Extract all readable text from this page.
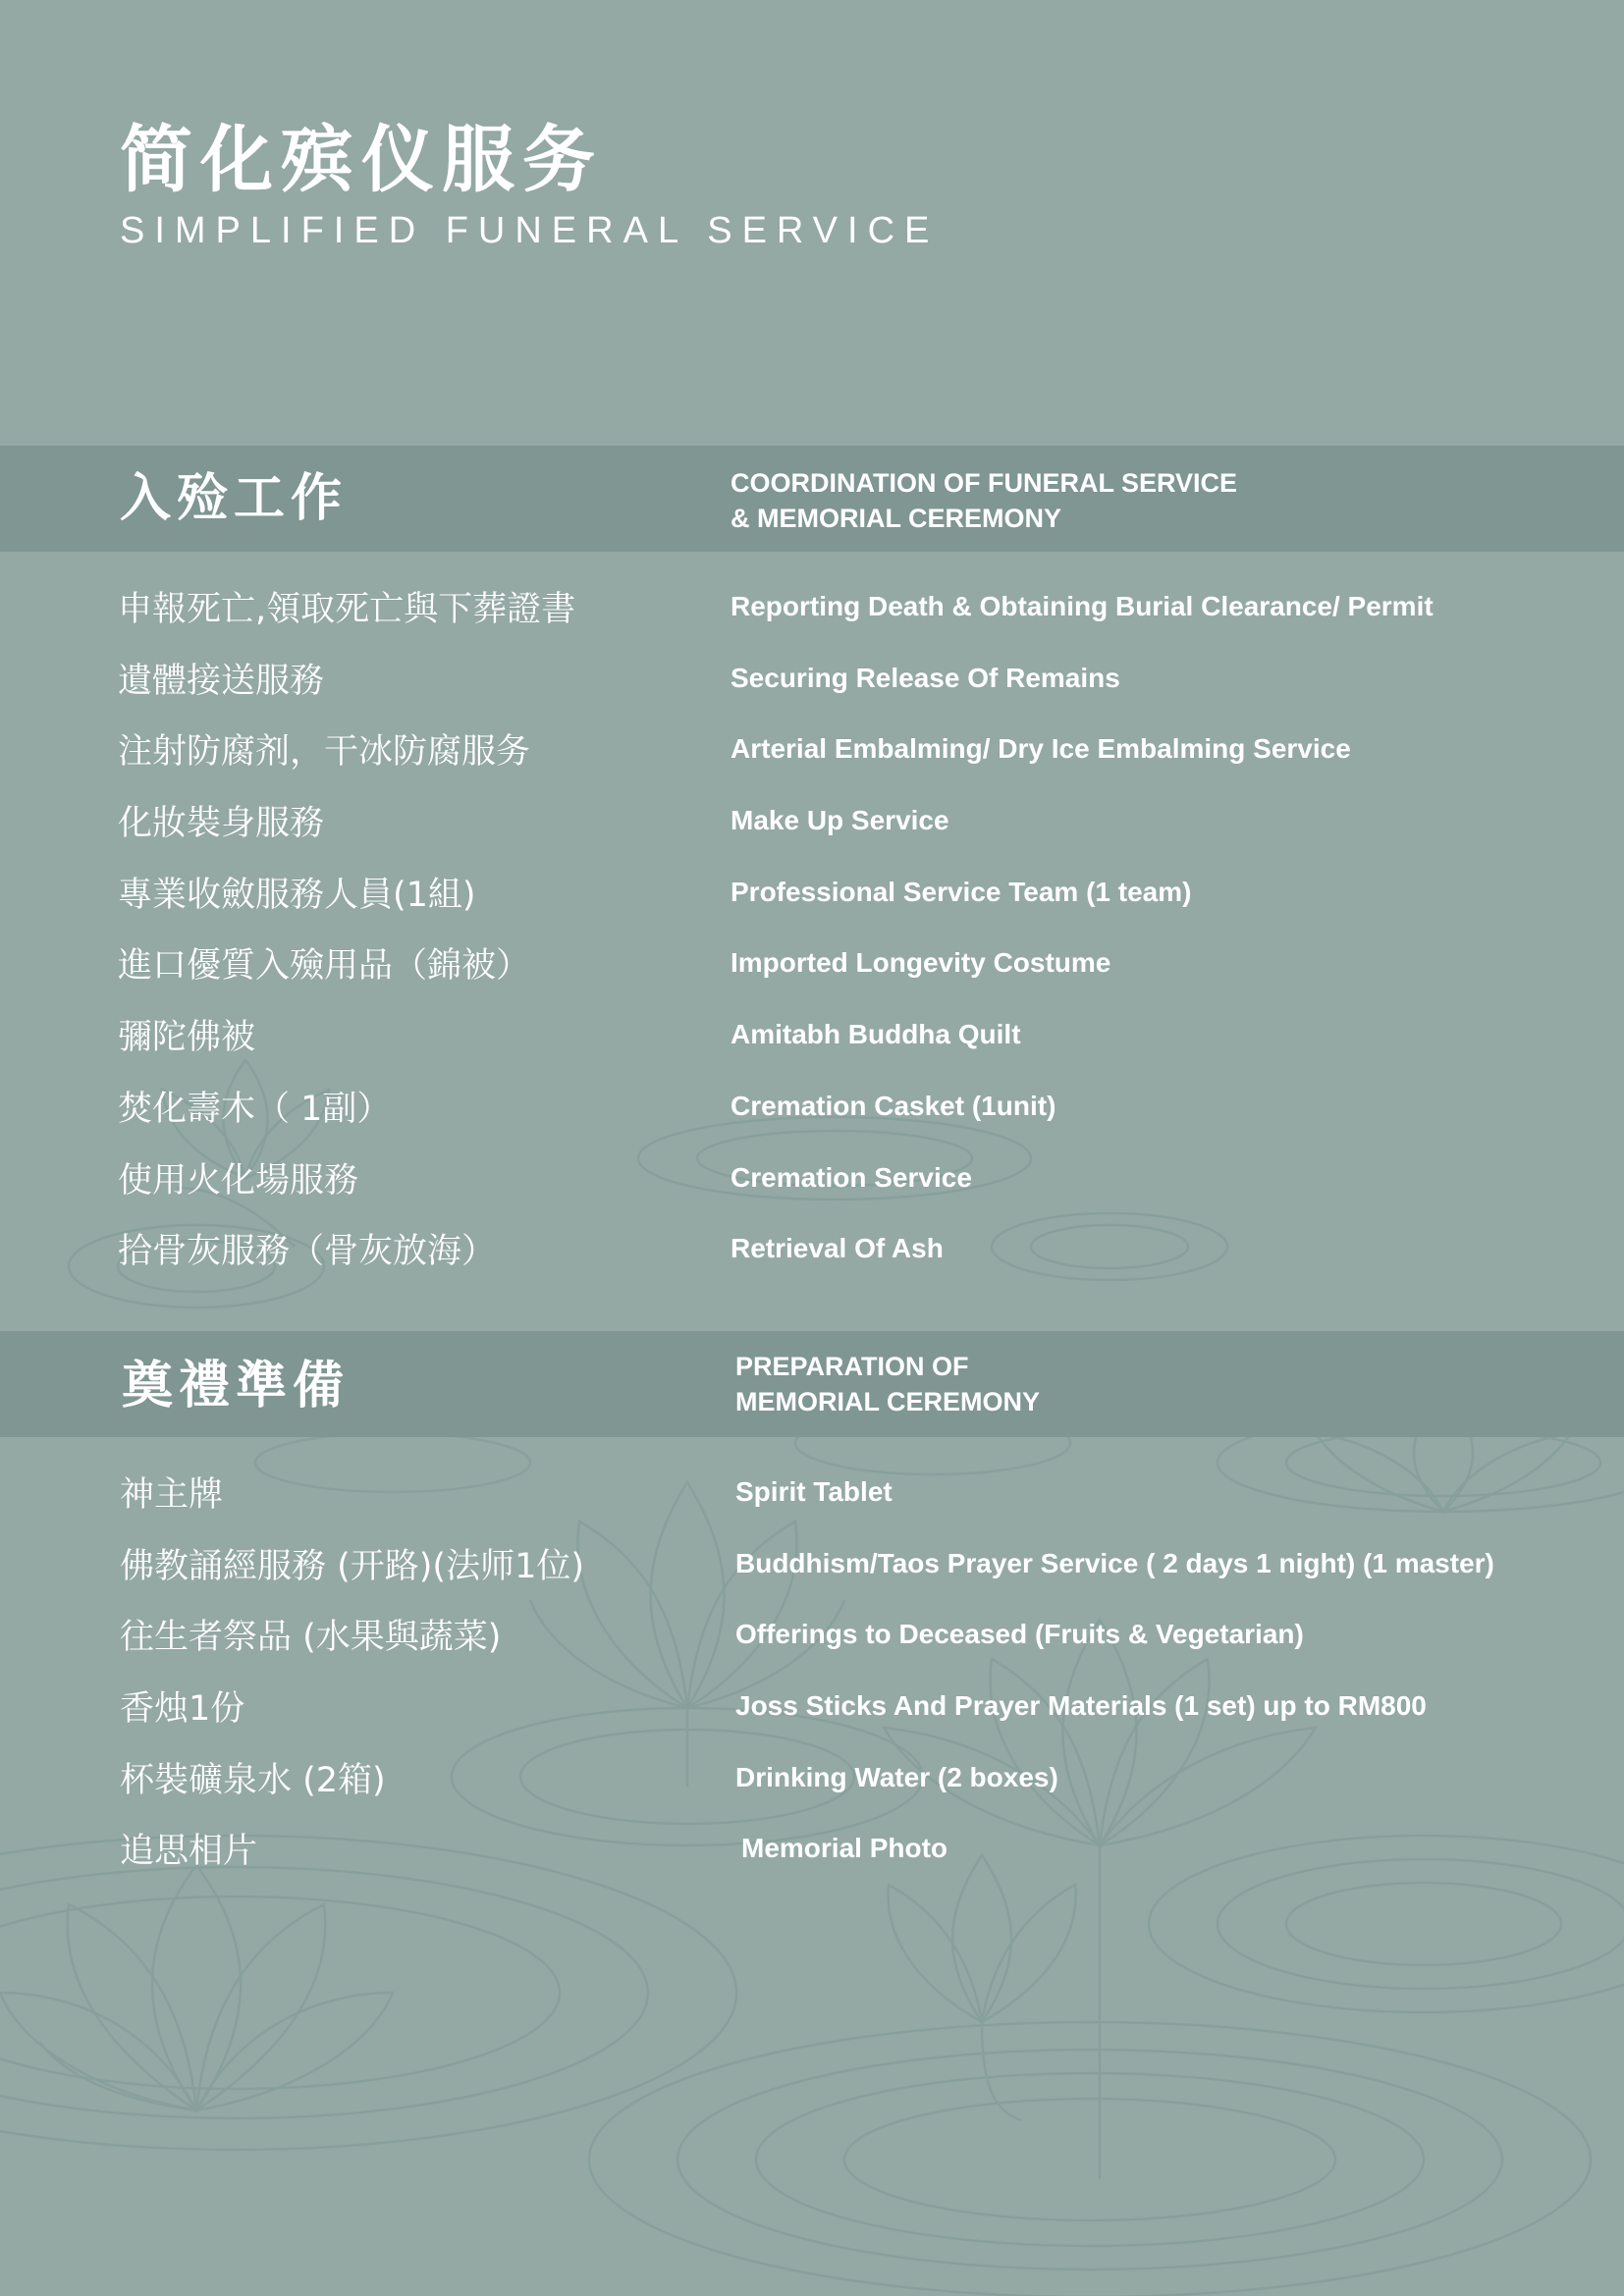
简化殡仪服务
SIMPLIFIED FUNERAL SERVICE
入殓工作	COORDINATION OF FUNERAL SERVICE
& MEMORIAL CEREMONY
申報死亡,領取死亡與下葬證書	Reporting Death & Obtaining Burial Clearance/ Permit
遺體接送服務	Securing Release Of Remains
注射防腐剂，干冰防腐服务	Arterial Embalming/ Dry Ice Embalming Service
化妝裝身服務	Make Up Service
專業收斂服務人員(1組)	Professional Service Team (1 team)
進口優質入殮用品（錦被）	Imported Longevity Costume
彌陀佛被	Amitabh Buddha Quilt
焚化壽木（ 1副）	Cremation Casket (1unit)
使用火化場服務	Cremation Service
拾骨灰服務（骨灰放海）	Retrieval Of Ash
奠禮準備	PREPARATION OF
MEMORIAL CEREMONY
神主牌	Spirit Tablet
佛教誦經服務 (开路)(法师1位)	Buddhism/Taos Prayer Service ( 2 days 1 night) (1 master)
往生者祭品 (水果與蔬菜)	Offerings to Deceased (Fruits & Vegetarian)
香烛1份	Joss Sticks And Prayer Materials (1 set) up to RM800
杯裝礦泉水 (2箱)	Drinking Water (2 boxes)
追思相片	Memorial Photo
